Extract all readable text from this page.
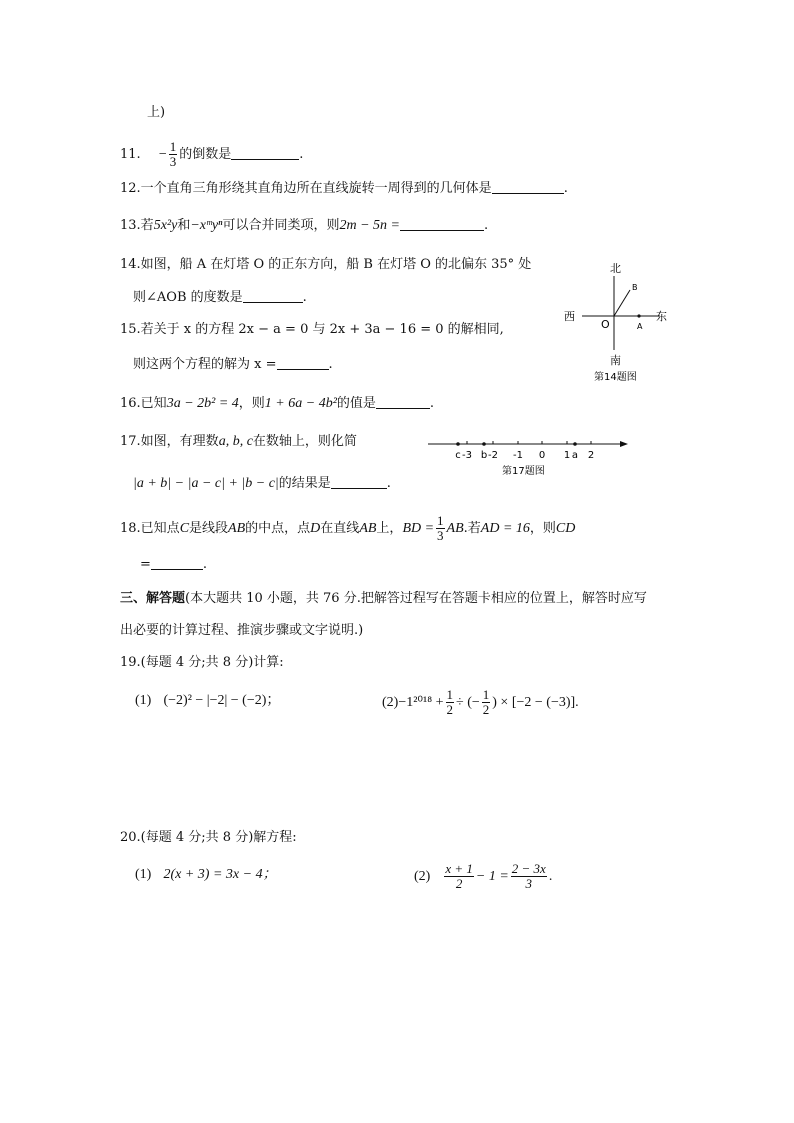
上)
11. − $\frac{1}{3}$ 的倒数是	.
12.一个直角三角形绕其直角边所在直线旋转一周得到的几何体是	.
13.若5x²y和−xᵐyⁿ可以合并同类项，则2m − 5n =	.
14.如图，船 A 在灯塔 O 的正东方向，船 B 在灯塔 O 的北偏东 35° 处
则∠AOB 的度数是	.
15.若关于 x 的方程 2x − a = 0 与 2x + 3a − 16 = 0 的解相同,
则这两个方程的解为 x =	.
北
南
西	东
O	A
B
第14题图
16.已知3a − 2b² = 4，则1 + 6a − 4b²的值是	.
17.如图，有理数a, b, c在数轴上，则化简
|a + b| − |a − c| + |b − c|的结果是	.
c -3 b -2 -1 0 1 a 2
第17题图
18.已知点C是线段AB的中点，点D在直线AB上，BD = $\frac{1}{3}$ AB.若AD = 16，则CD
=	.
三、解答题(本大题共 10 小题，共 76 分.把解答过程写在答题卡相应的位置上，解答时应写
出必要的计算过程、推演步骤或文字说明.)
19.(每题 4 分;共 8 分)计算:
(1) (−2)² − |−2| − (−2)；	$(2)-1^{2018} + \frac{1}{2}$ ÷ (− $\frac{1}{2}$ ) × [−2 − (−3)].
20.(每题 4 分;共 8 分)解方程:
(1) 2(x + 3) = 3x − 4；	$(2) \frac{x + 1}{2} - 1 = \frac{2 - 3x}{3}$ .
